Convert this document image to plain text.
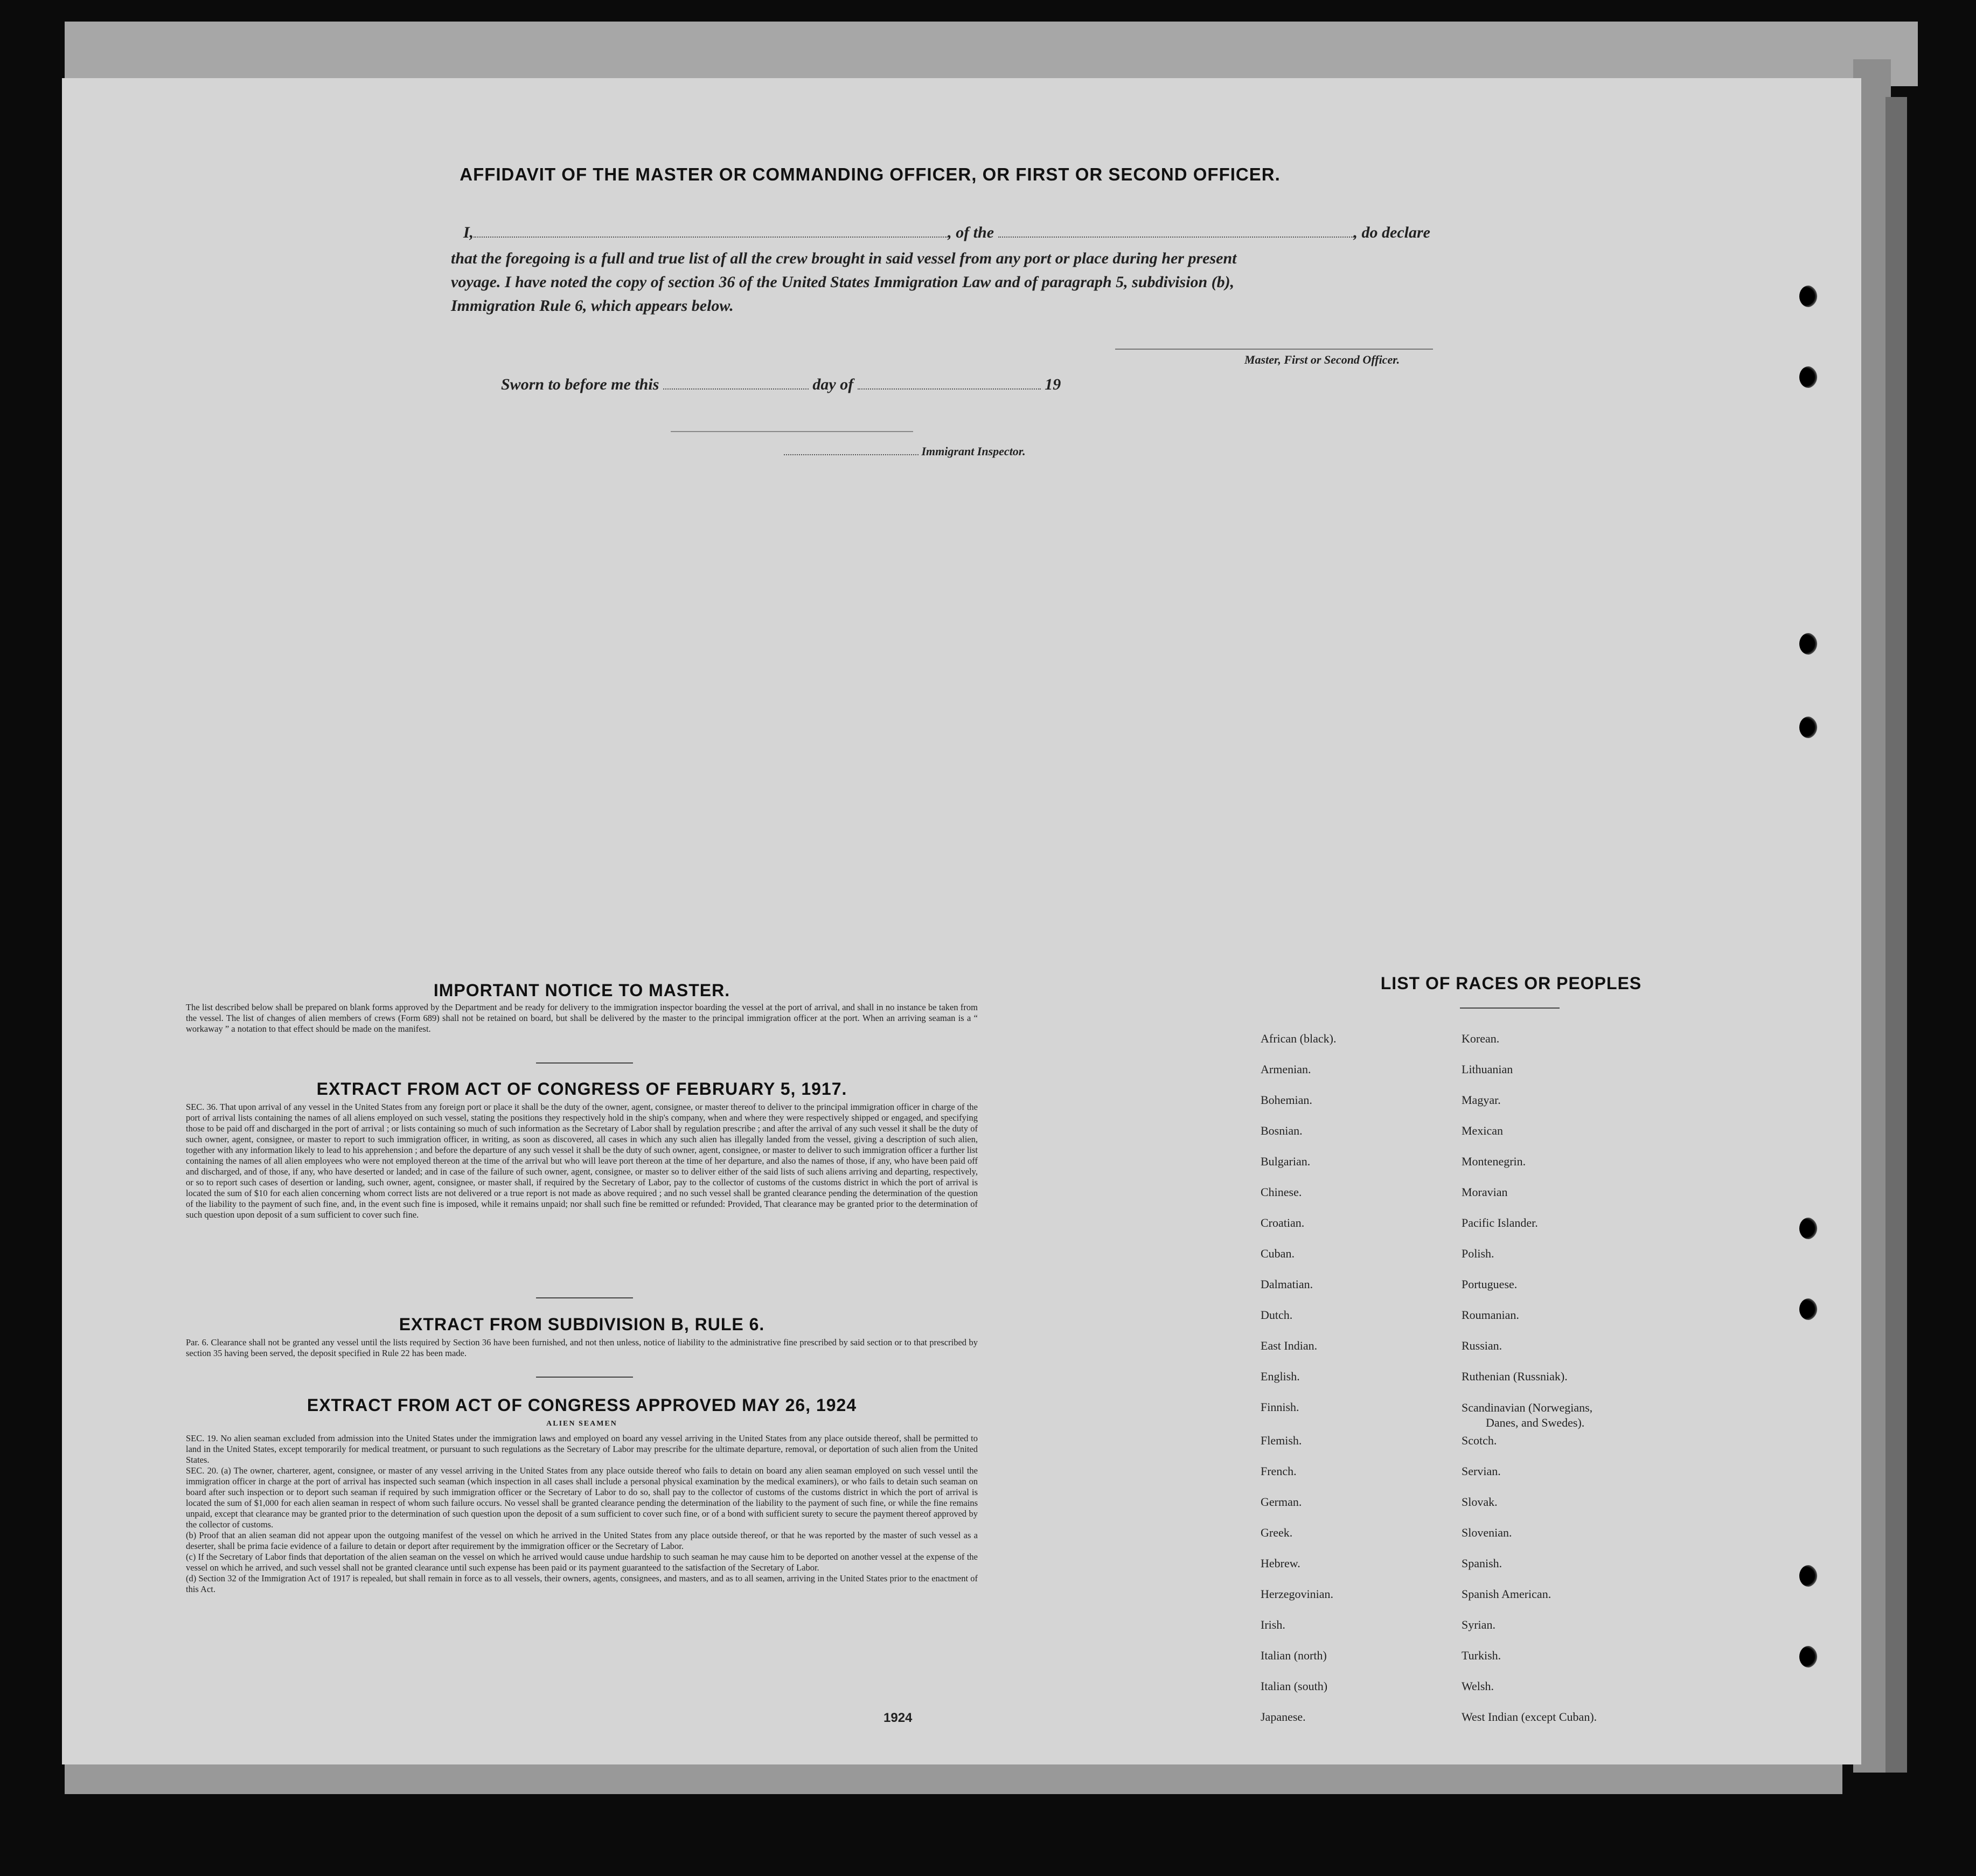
AFFIDAVIT OF THE MASTER OR COMMANDING OFFICER, OR FIRST OR SECOND OFFICER.
I,	, of the	, do declare
that the foregoing is a full and true list of all the crew brought in said vessel from any port or place during her present
voyage. I have noted the copy of section 36 of the United States Immigration Law and of paragraph 5, subdivision (b),
Immigration Rule 6, which appears below.
Master, First or Second Officer.
Sworn to before me this	day of	19
Immigrant Inspector.
IMPORTANT NOTICE TO MASTER.
The list described below shall be prepared on blank forms approved by the Department and be ready for delivery to the immigration inspector boarding the vessel at the port of arrival, and shall in no instance be taken from the vessel. The list of changes of alien members of crews (Form 689) shall not be retained on board, but shall be delivered by the master to the principal immigration officer at the port. When an arriving seaman is a “ workaway ” a notation to that effect should be made on the manifest.
EXTRACT FROM ACT OF CONGRESS OF FEBRUARY 5, 1917.
SEC. 36. That upon arrival of any vessel in the United States from any foreign port or place it shall be the duty of the owner, agent, consignee, or master thereof to deliver to the principal immigration officer in charge of the port of arrival lists containing the names of all aliens employed on such vessel, stating the positions they respectively hold in the ship's company, when and where they were respectively shipped or engaged, and specifying those to be paid off and discharged in the port of arrival ; or lists containing so much of such information as the Secretary of Labor shall by regulation prescribe ; and after the arrival of any such vessel it shall be the duty of such owner, agent, consignee, or master to report to such immigration officer, in writing, as soon as discovered, all cases in which any such alien has illegally landed from the vessel, giving a description of such alien, together with any information likely to lead to his apprehension ; and before the departure of any such vessel it shall be the duty of such owner, agent, consignee, or master to deliver to such immigration officer a further list containing the names of all alien employees who were not employed thereon at the time of the arrival but who will leave port thereon at the time of her departure, and also the names of those, if any, who have been paid off and discharged, and of those, if any, who have deserted or landed; and in case of the failure of such owner, agent, consignee, or master so to deliver either of the said lists of such aliens arriving and departing, respectively, or so to report such cases of desertion or landing, such owner, agent, consignee, or master shall, if required by the Secretary of Labor, pay to the collector of customs of the customs district in which the port of arrival is located the sum of $10 for each alien concerning whom correct lists are not delivered or a true report is not made as above required ; and no such vessel shall be granted clearance pending the determination of the question of the liability to the payment of such fine, and, in the event such fine is imposed, while it remains unpaid; nor shall such fine be remitted or refunded: Provided, That clearance may be granted prior to the determination of such question upon deposit of a sum sufficient to cover such fine.
EXTRACT FROM SUBDIVISION B, RULE 6.
Par. 6. Clearance shall not be granted any vessel until the lists required by Section 36 have been furnished, and not then unless, notice of liability to the administrative fine prescribed by said section or to that prescribed by section 35 having been served, the deposit specified in Rule 22 has been made.
EXTRACT FROM ACT OF CONGRESS APPROVED MAY 26, 1924
ALIEN SEAMEN
SEC. 19. No alien seaman excluded from admission into the United States under the immigration laws and employed on board any vessel arriving in the United States from any place outside thereof, shall be permitted to land in the United States, except temporarily for medical treatment, or pursuant to such regulations as the Secretary of Labor may prescribe for the ultimate departure, removal, or deportation of such alien from the United States.
SEC. 20. (a) The owner, charterer, agent, consignee, or master of any vessel arriving in the United States from any place outside thereof who fails to detain on board any alien seaman employed on such vessel until the immigration officer in charge at the port of arrival has inspected such seaman (which inspection in all cases shall include a personal physical examination by the medical examiners), or who fails to detain such seaman on board after such inspection or to deport such seaman if required by such immigration officer or the Secretary of Labor to do so, shall pay to the collector of customs of the customs district in which the port of arrival is located the sum of $1,000 for each alien seaman in respect of whom such failure occurs. No vessel shall be granted clearance pending the determination of the liability to the payment of such fine, or while the fine remains unpaid, except that clearance may be granted prior to the determination of such question upon the deposit of a sum sufficient to cover such fine, or of a bond with sufficient surety to secure the payment thereof approved by the collector of customs.
(b) Proof that an alien seaman did not appear upon the outgoing manifest of the vessel on which he arrived in the United States from any place outside thereof, or that he was reported by the master of such vessel as a deserter, shall be prima facie evidence of a failure to detain or deport after requirement by the immigration officer or the Secretary of Labor.
(c) If the Secretary of Labor finds that deportation of the alien seaman on the vessel on which he arrived would cause undue hardship to such seaman he may cause him to be deported on another vessel at the expense of the vessel on which he arrived, and such vessel shall not be granted clearance until such expense has been paid or its payment guaranteed to the satisfaction of the Secretary of Labor.
(d) Section 32 of the Immigration Act of 1917 is repealed, but shall remain in force as to all vessels, their owners, agents, consignees, and masters, and as to all seamen, arriving in the United States prior to the enactment of this Act.
1924
LIST OF RACES OR PEOPLES
African (black).
Armenian.
Bohemian.
Bosnian.
Bulgarian.
Chinese.
Croatian.
Cuban.
Dalmatian.
Dutch.
East Indian.
English.
Finnish.
Flemish.
French.
German.
Greek.
Hebrew.
Herzegovinian.
Irish.
Italian (north)
Italian (south)
Japanese.
Korean.
Lithuanian
Magyar.
Mexican
Montenegrin.
Moravian
Pacific Islander.
Polish.
Portuguese.
Roumanian.
Russian.
Ruthenian (Russniak).
Scandinavian (Norwegians,
Danes, and Swedes).
Scotch.
Servian.
Slovak.
Slovenian.
Spanish.
Spanish American.
Syrian.
Turkish.
Welsh.
West Indian (except Cuban).
